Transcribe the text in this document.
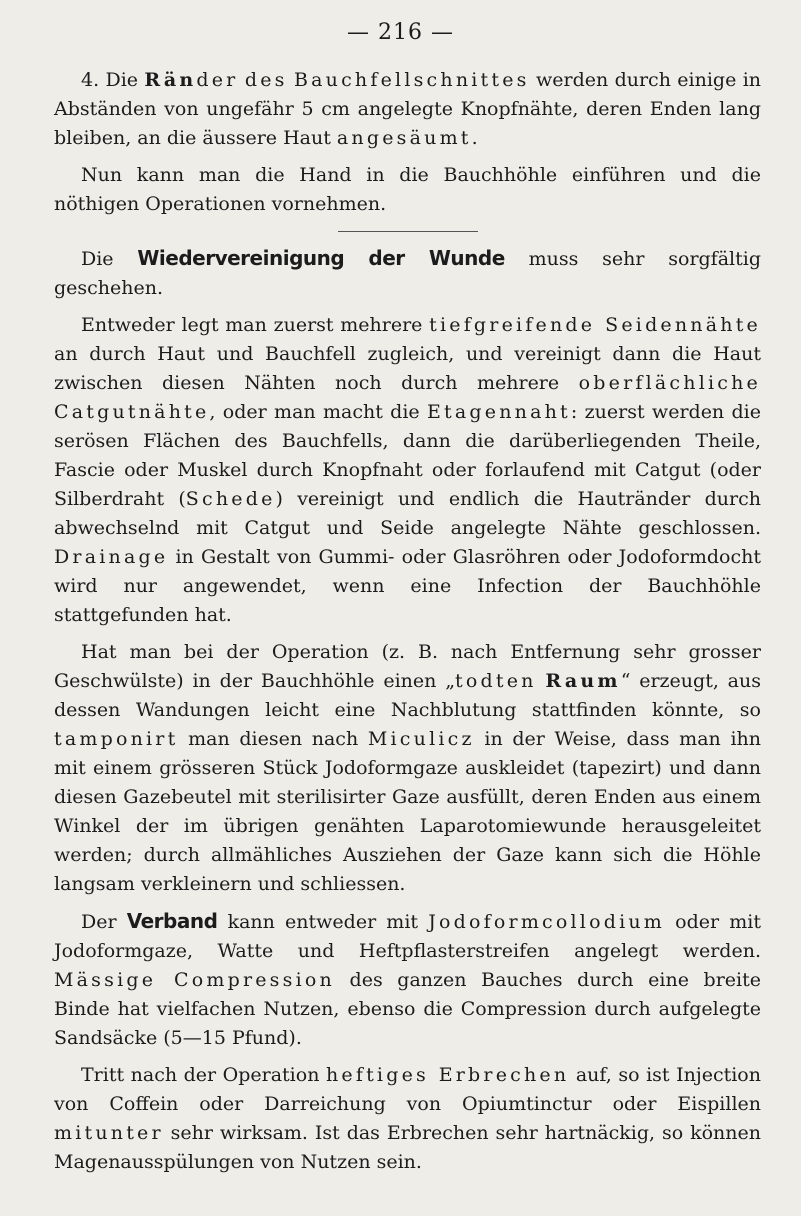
— 216 —

4. Die Ränder des Bauchfellschnittes werden durch einige in Abständen von ungefähr 5 cm angelegte Knopfnähte, deren Enden lang bleiben, an die äussere Haut angesäumt.

Nun kann man die Hand in die Bauchhöhle einführen und die nöthigen Operationen vornehmen.

Die Wiedervereinigung der Wunde muss sehr sorgfältig geschehen.

Entweder legt man zuerst mehrere tiefgreifende Seidennähte an durch Haut und Bauchfell zugleich, und vereinigt dann die Haut zwischen diesen Nähten noch durch mehrere oberflächliche Catgutnähte, oder man macht die Etagennaht: zuerst werden die serösen Flächen des Bauchfells, dann die darüberliegenden Theile, Fascie oder Muskel durch Knopfnaht oder forlaufend mit Catgut (oder Silberdraht (Schede) vereinigt und endlich die Hautränder durch abwechselnd mit Catgut und Seide angelegte Nähte geschlossen. Drainage in Gestalt von Gummi- oder Glasröhren oder Jodoformdocht wird nur angewendet, wenn eine Infection der Bauchhöhle stattgefunden hat.

Hat man bei der Operation (z. B. nach Entfernung sehr grosser Geschwülste) in der Bauchhöhle einen „todten Raum“ erzeugt, aus dessen Wandungen leicht eine Nachblutung stattfinden könnte, so tamponirt man diesen nach Miculicz in der Weise, dass man ihn mit einem grösseren Stück Jodoformgaze auskleidet (tapezirt) und dann diesen Gazebeutel mit sterilisirter Gaze ausfüllt, deren Enden aus einem Winkel der im übrigen genähten Laparotomiewunde herausgeleitet werden; durch allmähliches Ausziehen der Gaze kann sich die Höhle langsam verkleinern und schliessen.

Der Verband kann entweder mit Jodoformcollodium oder mit Jodoformgaze, Watte und Heftpflasterstreifen angelegt werden. Mässige Compression des ganzen Bauches durch eine breite Binde hat vielfachen Nutzen, ebenso die Compression durch aufgelegte Sandsäcke (5—15 Pfund).

Tritt nach der Operation heftiges Erbrechen auf, so ist Injection von Coffein oder Darreichung von Opiumtinctur oder Eispillen mitunter sehr wirksam. Ist das Erbrechen sehr hartnäckig, so können Magenausspülungen von Nutzen sein.
